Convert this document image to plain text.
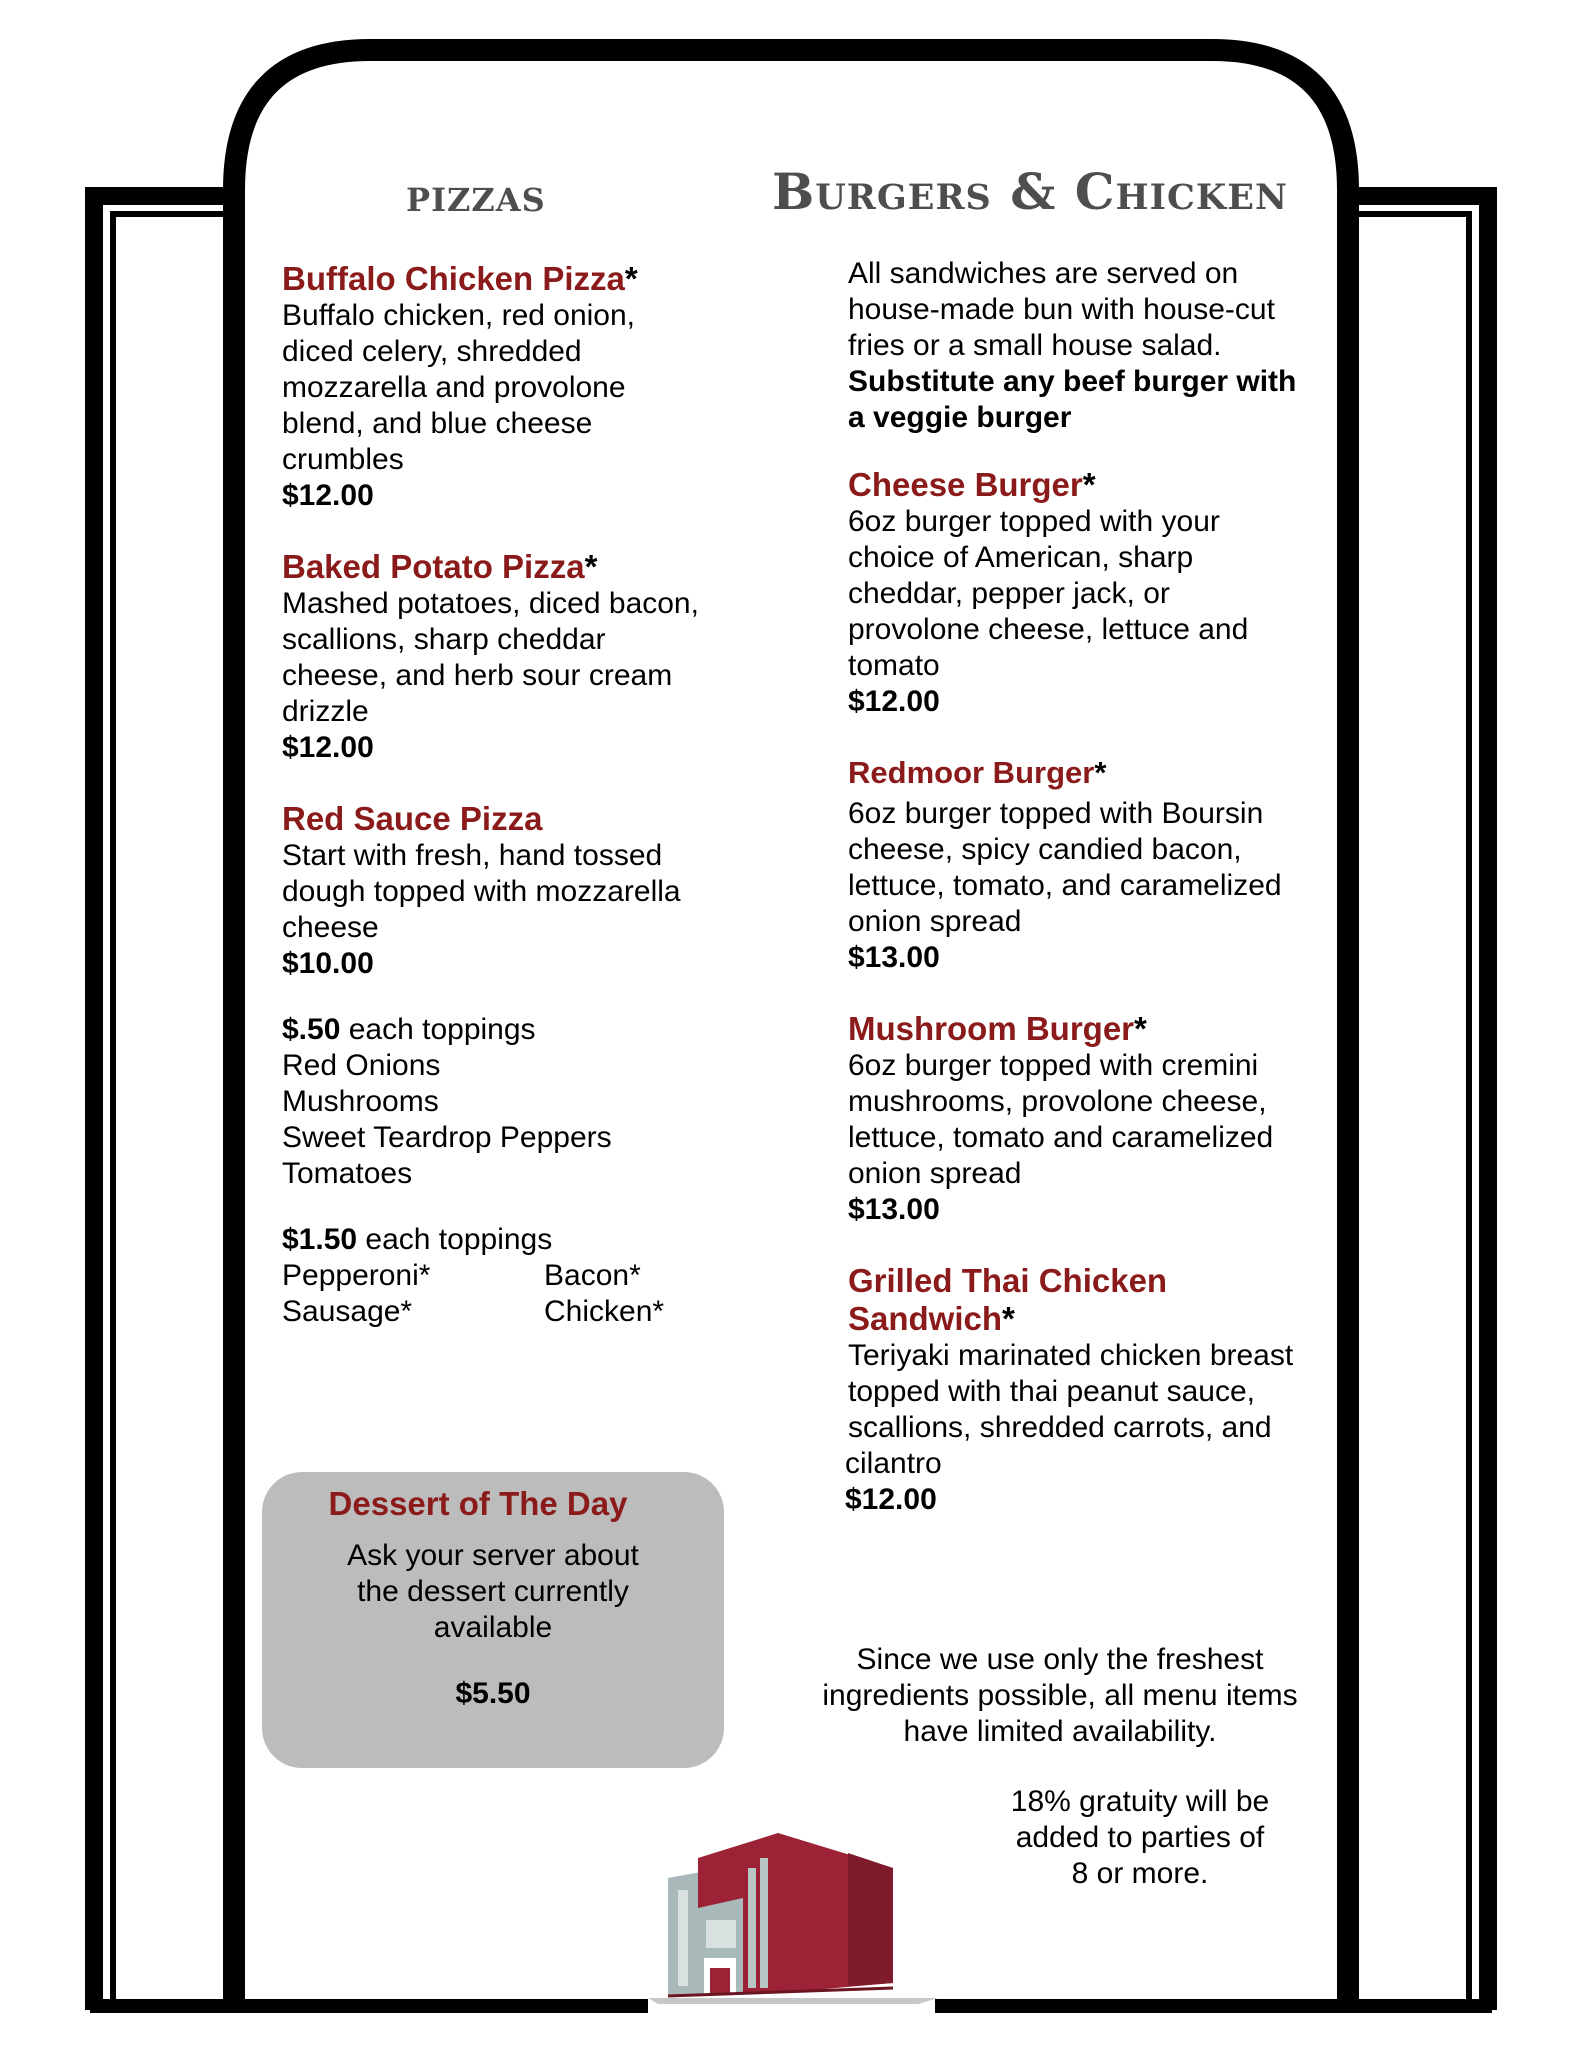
pizzas	Burgers & Chicken
Buffalo Chicken Pizza*
Buffalo chicken, red onion,
diced celery, shredded
mozzarella and provolone
blend, and blue cheese
crumbles
$12.00
Baked Potato Pizza*
Mashed potatoes, diced bacon,
scallions, sharp cheddar
cheese, and herb sour cream
drizzle
$12.00
Red Sauce Pizza
Start with fresh, hand tossed
dough topped with mozzarella
cheese
$10.00
$.50 each toppings
Red Onions
Mushrooms
Sweet Teardrop Peppers
Tomatoes
$1.50 each toppings
Pepperoni*	Bacon*
Sausage*	Chicken*
Dessert of The Day
Ask your server about
the dessert currently
available
$5.50
All sandwiches are served on
house-made bun with house-cut
fries or a small house salad.
Substitute any beef burger with
a veggie burger
Cheese Burger*
6oz burger topped with your
choice of American, sharp
cheddar, pepper jack, or
provolone cheese, lettuce and
tomato
$12.00
Redmoor Burger*
6oz burger topped with Boursin
cheese, spicy candied bacon,
lettuce, tomato, and caramelized
onion spread
$13.00
Mushroom Burger*
6oz burger topped with cremini
mushrooms, provolone cheese,
lettuce, tomato and caramelized
onion spread
$13.00
Grilled Thai Chicken
Sandwich*
Teriyaki marinated chicken breast
topped with thai peanut sauce,
scallions, shredded carrots, and
cilantro
$12.00
Since we use only the freshest
ingredients possible, all menu items
have limited availability.
18% gratuity will be
added to parties of
8 or more.
